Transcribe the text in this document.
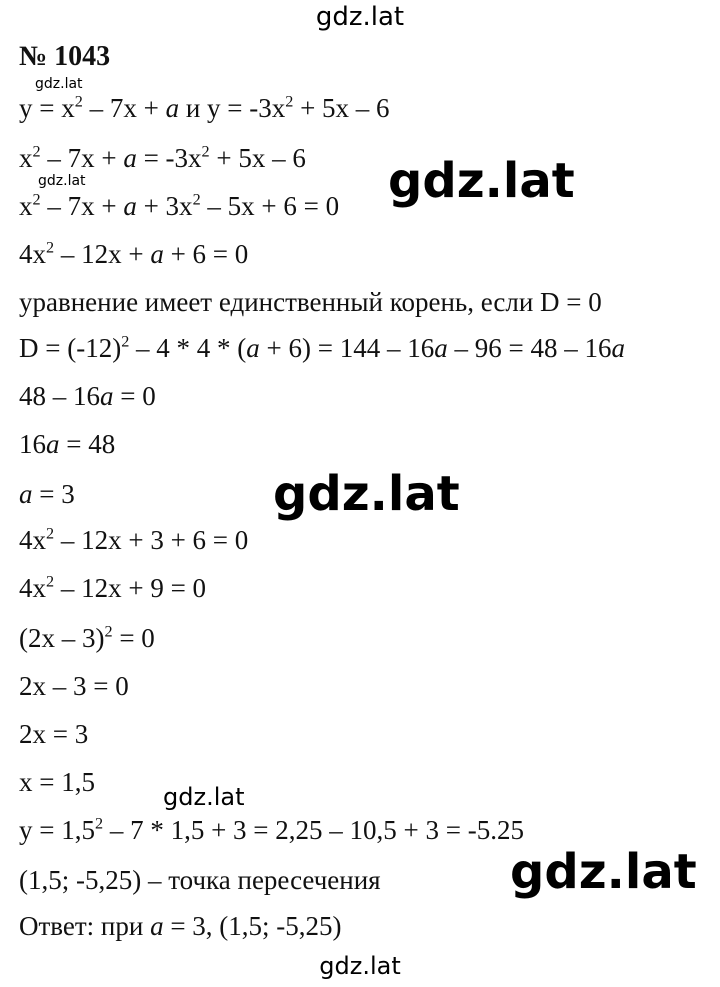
gdz.lat
gdz.lat
gdz.lat
gdz.lat
gdz.lat
gdz.lat
gdz.lat
gdz.lat
№ 1043
$y = x^2 - 7x + a$ и $y = -3x^2 + 5x - 6$
$x^2 - 7x + a = -3x^2 + 5x - 6$
$x^2 - 7x + a + 3x^2 - 5x + 6 = 0$
$4x^2 - 12x + a + 6 = 0$
уравнение имеет единственный корень, если D = 0
$D = (-12)^2 - 4 * 4 * (a + 6) = 144 - 16a - 96 = 48 - 16a$
48 – 16a = 0
16a = 48
a = 3
$4x^2 - 12x + 3 + 6 = 0$
$4x^2 - 12x + 9 = 0$
(2x – 3)$^2$ = 0
2x – 3 = 0
2x = 3
x = 1,5
$y = 1,5^2 - 7 * 1,5 + 3 = 2,25 - 10,5 + 3 = -5.25$
(1,5; -5,25) – точка пересечения
Ответ: при a = 3, (1,5; -5,25)
